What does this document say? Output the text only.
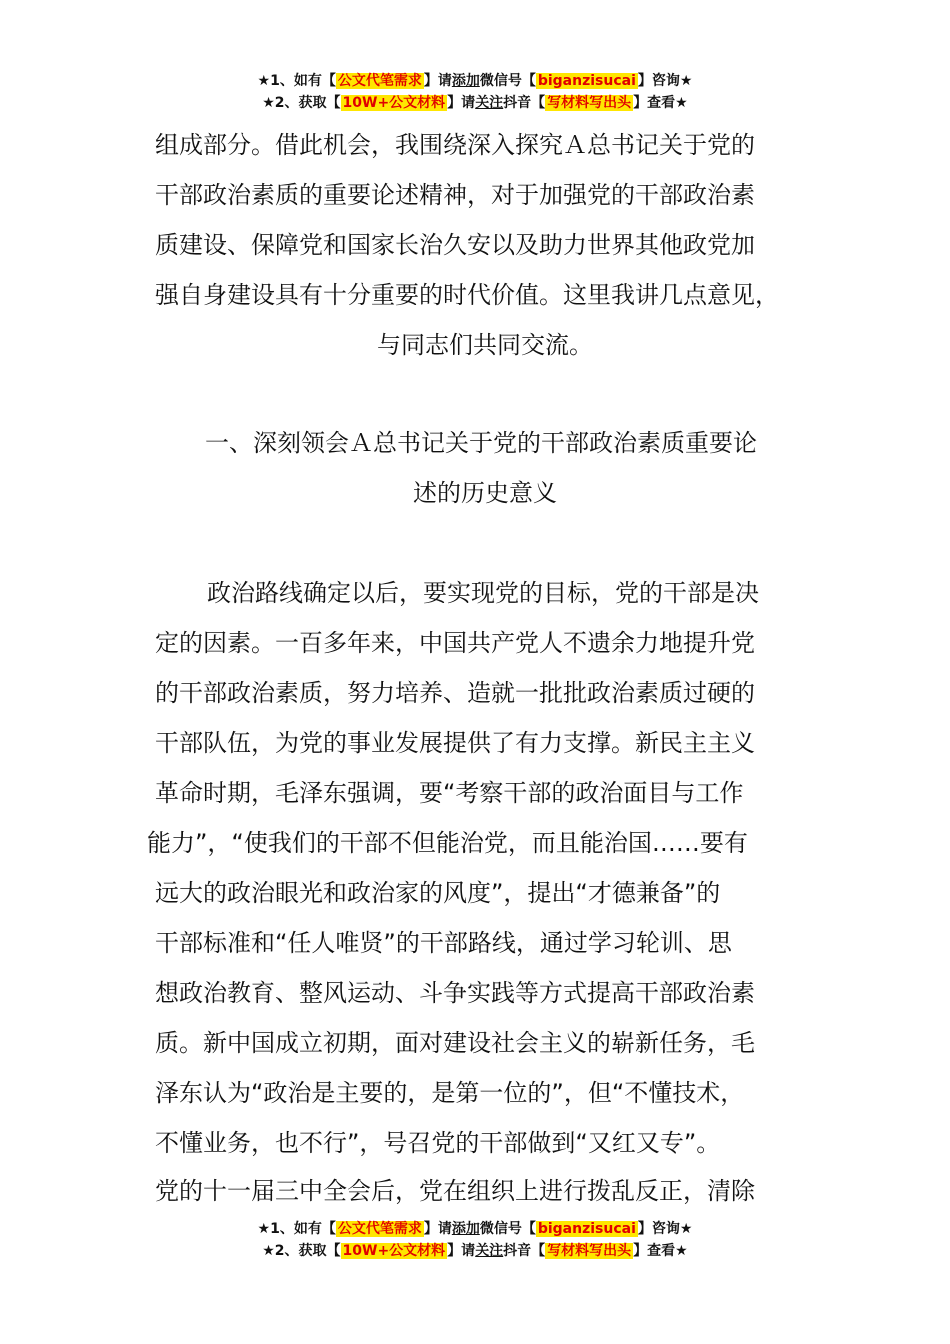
★1、如有【 公文代笔需求 】请添加微信号【 biganzisucai 】咨询★
★2、获取【 10W+公文材料 】请关注抖音【 写材料写出头 】查看★
组成部分。借此机会，我围绕深入探究Ａ总书记关于党的
干部政治素质的重要论述精神，对于加强党的干部政治素
质建设、保障党和国家长治久安以及助力世界其他政党加
强自身建设具有十分重要的时代价值。这里我讲几点意见，
与同志们共同交流。
一、深刻领会Ａ总书记关于党的干部政治素质重要论
述的历史意义
政治路线确定以后，要实现党的目标，党的干部是决
定的因素。一百多年来，中国共产党人不遗余力地提升党
的干部政治素质，努力培养、造就一批批政治素质过硬的
干部队伍，为党的事业发展提供了有力支撑。新民主主义
革命时期，毛泽东强调，要“考察干部的政治面目与工作
能力”，“使我们的干部不但能治党，而且能治国……要有
远大的政治眼光和政治家的风度”，提出“才德兼备”的
干部标准和“任人唯贤”的干部路线，通过学习轮训、思
想政治教育、整风运动、斗争实践等方式提高干部政治素
质。新中国成立初期，面对建设社会主义的崭新任务，毛
泽东认为“政治是主要的，是第一位的”，但“不懂技术，
不懂业务，也不行”，号召党的干部做到“又红又专”。
党的十一届三中全会后，党在组织上进行拨乱反正，清除
★1、如有【 公文代笔需求 】请添加微信号【 biganzisucai 】咨询★
★2、获取【 10W+公文材料 】请关注抖音【 写材料写出头 】查看★
